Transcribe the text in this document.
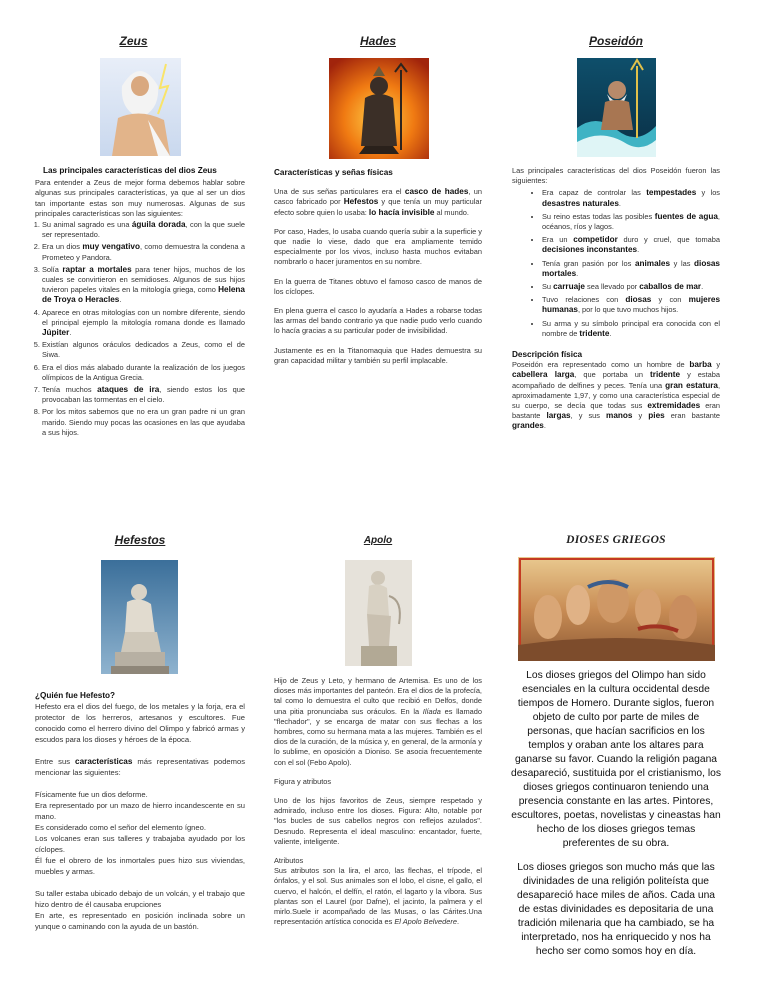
Zeus
Las principales características del dios Zeus
Para entender a Zeus de mejor forma debemos hablar sobre algunas sus principales características, ya que al ser un dios tan importante estas son muy numerosas. Algunas de sus principales características son las siguientes:
1. Su animal sagrado es una águila dorada, con la que suele ser representado.
2. Era un dios muy vengativo, como demuestra la condena a Prometeo y Pandora.
3. Solía raptar a mortales para tener hijos, muchos de los cuales se convirtieron en semidioses. Algunos de sus hijos tuvieron papeles vitales en la mitología griega, como Helena de Troya o Heracles.
4. Aparece en otras mitologías con un nombre diferente, siendo el principal ejemplo la mitología romana donde es llamado Júpiter.
5. Existían algunos oráculos dedicados a Zeus, como el de Siwa.
6. Era el dios más alabado durante la realización de los juegos olímpicos de la Antigua Grecia.
7. Tenía muchos ataques de ira, siendo estos los que provocaban las tormentas en el cielo.
8. Por los mitos sabemos que no era un gran padre ni un gran marido. Siendo muy pocas las ocasiones en las que ayudaba a sus hijos.
Hades
Características y señas físicas
Una de sus señas particulares era el casco de hades, un casco fabricado por Hefestos y que tenía un muy particular efecto sobre quien lo usaba: lo hacía invisible al mundo.

Por caso, Hades, lo usaba cuando quería subir a la superficie y que nadie lo viese, dado que era ampliamente temido especialmente por los vivos, incluso hasta muchos evitaban nombrarlo o hacer juramentos en su nombre.

En la guerra de Titanes obtuvo el famoso casco de manos de los cíclopes.

En plena guerra el casco lo ayudaría a Hades a robarse todas las armas del bando contrario ya que nadie pudo verlo cuando lo hacía gracias a su particular poder de invisibilidad.

Justamente es en la Titanomaquia que Hades demuestra su gran capacidad militar y también su perfil implacable.

Poseidón
Las principales características del dios Poseidón fueron las siguientes:
• Era capaz de controlar las tempestades y los desastres naturales.
• Su reino estas todas las posibles fuentes de agua, océanos, ríos y lagos.
• Era un competidor duro y cruel, que tomaba decisiones inconstantes.
• Tenía gran pasión por los animales y las diosas mortales.
• Su carruaje sea llevado por caballos de mar.
• Tuvo relaciones con diosas y con mujeres humanas, por lo que tuvo muchos hijos.
• Su arma y su símbolo principal era conocida con el nombre de tridente.
Descripción física
Poseidón era representado como un hombre de barba y cabellera larga, que portaba un tridente y estaba acompañado de delfines y peces. Tenía una gran estatura, aproximadamente 1,97, y como una característica especial de su cuerpo, se decía que todas sus extremidades eran bastante largas, y sus manos y pies eran bastante grandes.
Hefestos
¿Quién fue Hefesto?
Hefesto era el dios del fuego, de los metales y la forja, era el protector de los herreros, artesanos y escultores. Fue conocido como el herrero divino del Olimpo y fabricó armas y escudos para los dioses y héroes de la época.

Entre sus características más representativas podemos mencionar las siguientes:

Físicamente fue un dios deforme.
Era representado por un mazo de hierro incandescente en su mano.
Es considerado como el señor del elemento ígneo.
Los volcanes eran sus talleres y trabajaba ayudado por los cíclopes.
Él fue el obrero de los inmortales pues hizo sus viviendas, muebles y armas.

Su taller estaba ubicado debajo de un volcán, y el trabajo que hizo dentro de él causaba erupciones

En arte, es representado en posición inclinada sobre un yunque o caminando con la ayuda de un bastón.

Apolo
Hijo de Zeus y Leto, y hermano de Artemisa. Es uno de los dioses más importantes del panteón. Era el dios de la profecía, tal como lo demuestra el culto que recibió en Delfos, donde una pitia pronunciaba sus oráculos. En la Ilíada es llamado "flechador", y se encarga de matar con sus flechas a los hombres, como su hermana mata a las mujeres. También es el dios de la curación, de la música y, en general, de la armonía y lo sublime, en oposición a Dioniso. Se asocia frecuentemente con el sol (Febo Apolo).

Figura y atributos

Uno de los hijos favoritos de Zeus, siempre respetado y admirado, incluso entre los dioses. Figura: Alto, notable por "los bucles de sus cabellos negros con reflejos azulados". Desnudo. Representa el ideal masculino: encantador, fuerte, valiente, inteligente.

Atributos

Sus atributos son la lira, el arco, las flechas, el trípode, el ónfalos, y el sol. Sus animales son el lobo, el cisne, el gallo, el cuervo, el halcón, el delfín, el ratón, el lagarto y la víbora. Sus plantas son el Laurel (por Dafne), el jacinto, la palmera y el mirlo.Suele ir acompañado de las Musas, o las Cárites.Una representación artística conocida es El Apolo Belvedere.
DIOSES GRIEGOS

Los dioses griegos del Olimpo han sido esenciales en la cultura occidental desde tiempos de Homero. Durante siglos, fueron objeto de culto por parte de miles de personas, que hacían sacrificios en los templos y oraban ante los altares para ganarse su favor. Cuando la religión pagana desapareció, sustituida por el cristianismo, los dioses griegos continuaron teniendo una presencia constante en las artes. Pintores, escultores, poetas, novelistas y cineastas han hecho de los dioses griegos temas preferentes de su obra.

Los dioses griegos son mucho más que las divinidades de una religión politeísta que desapareció hace miles de años. Cada una de estas divinidades es depositaria de una tradición milenaria que ha cambiado, se ha interpretado, nos ha enriquecido y nos ha hecho ser como somos hoy en día.
